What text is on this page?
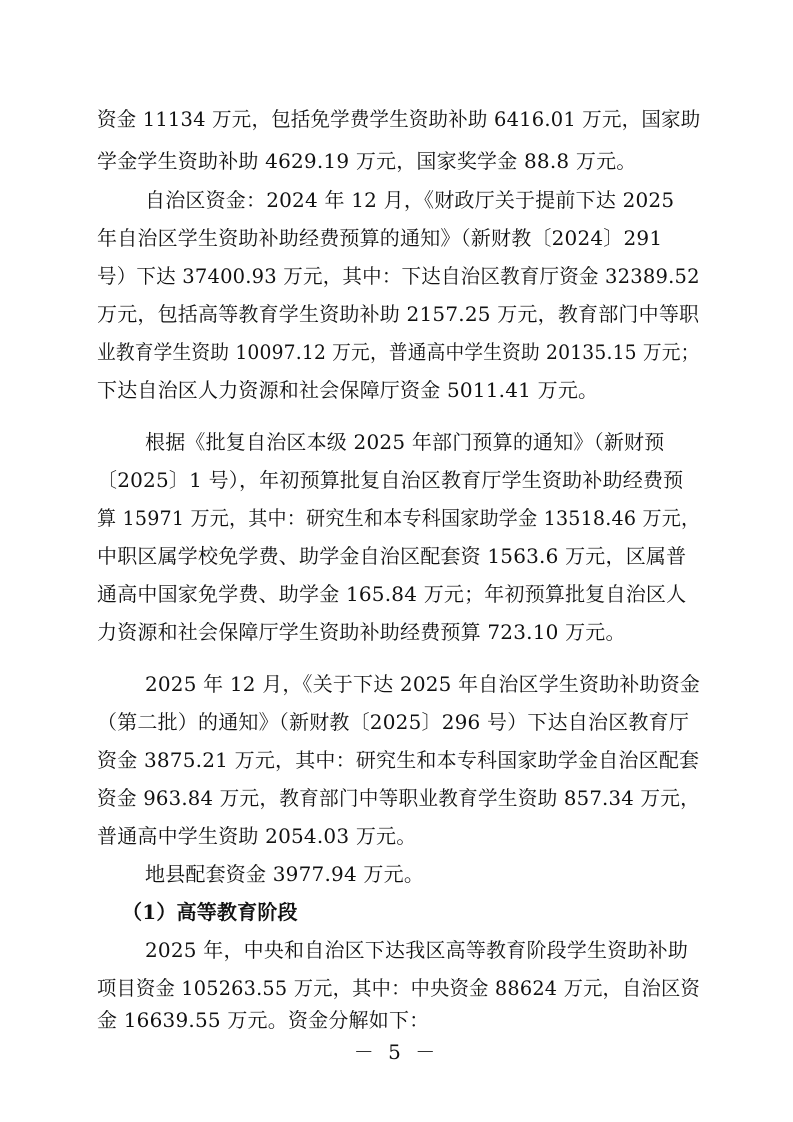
资金 11134 万元，包括免学费学生资助补助 6416.01 万元，国家助
学金学生资助补助 4629.19 万元，国家奖学金 88.8 万元。
自治区资金：2024 年 12 月，《财政厅关于提前下达 2025
年自治区学生资助补助经费预算的通知》（新财教〔2024〕291
号）下达 37400.93 万元，其中：下达自治区教育厅资金 32389.52
万元，包括高等教育学生资助补助 2157.25 万元，教育部门中等职
业教育学生资助 10097.12 万元，普通高中学生资助 20135.15 万元；
下达自治区人力资源和社会保障厅资金 5011.41 万元。
根据《批复自治区本级 2025 年部门预算的通知》（新财预
〔2025〕1 号），年初预算批复自治区教育厅学生资助补助经费预
算 15971 万元，其中：研究生和本专科国家助学金 13518.46 万元，
中职区属学校免学费、助学金自治区配套资 1563.6 万元，区属普
通高中国家免学费、助学金 165.84 万元；年初预算批复自治区人
力资源和社会保障厅学生资助补助经费预算 723.10 万元。
2025 年 12 月，《关于下达 2025 年自治区学生资助补助资金
（第二批）的通知》（新财教〔2025〕296 号）下达自治区教育厅
资金 3875.21 万元，其中：研究生和本专科国家助学金自治区配套
资金 963.84 万元，教育部门中等职业教育学生资助 857.34 万元，
普通高中学生资助 2054.03 万元。
地县配套资金 3977.94 万元。
（1）高等教育阶段
2025 年，中央和自治区下达我区高等教育阶段学生资助补助
项目资金 105263.55 万元，其中：中央资金 88624 万元，自治区资
金 16639.55 万元。资金分解如下：
－ 5 －
